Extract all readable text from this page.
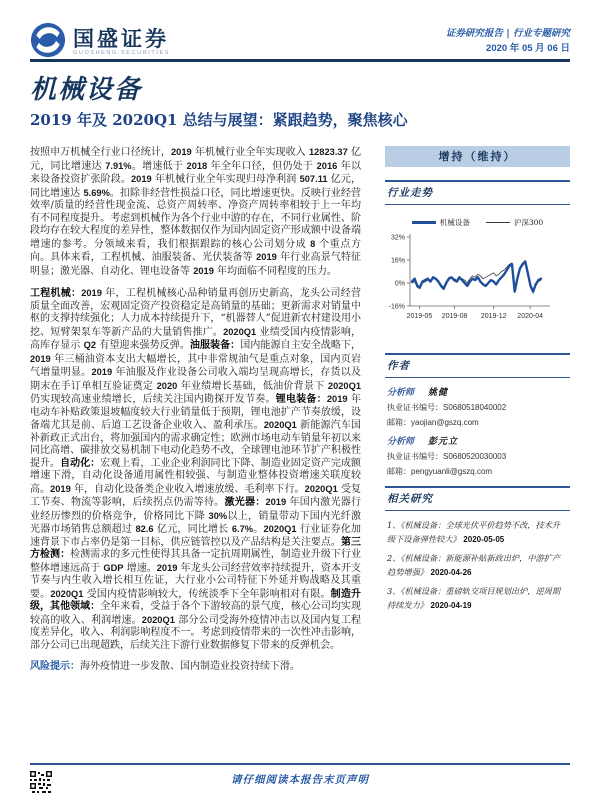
国盛证券
GUOSHENG SECURITIES
证券研究报告 | 行业专题研究
2020 年 05 月 06 日
机械设备
2019 年及 2020Q1 总结与展望：紧跟趋势，聚焦核心

按照申万机械全行业口径统计，2019 年机械行业全年实现收入 12823.37 亿元，同比增速达 7.91%。增速低于 2018 年全年口径，但仍处于 2016 年以来设备投资扩张阶段。2019 年机械行业全年实现归母净利润 507.11 亿元，同比增速达 5.69%。扣除非经营性损益口径，同比增速更快。反映行业经营效率/质量的经营性现金流、总资产周转率、净资产周转率相较于上一年均有不同程度提升。考虑到机械作为各个行业中游的存在，不同行业属性、阶段均存在较大程度的差异性，整体数据仅作为国内固定资产形成额中设备端增速的参考。分领域来看，我们根据跟踪的核心公司划分成 8 个重点方向。具体来看，工程机械、油服装备、光伏装备等 2019 年行业高景气特征明显；激光器、自动化、锂电设备等 2019 年均面临不同程度的压力。

工程机械：2019 年，工程机械核心品种销量再创历史新高，龙头公司经营质量全面改善，宏观固定资产投资稳定是高销量的基础；更新需求对销量中枢的支撑持续强化；人力成本持续提升下，“机器替人”促进新农村建设用小挖、短臂架泵车等新产品的大量销售推广。2020Q1 业绩受国内疫情影响，高库存显示 Q2 有望迎来强势反弹。油服装备：国内能源自主安全战略下，2019 年三桶油资本支出大幅增长，其中非常规油气是重点对象，国内页岩气增量明显。2019 年油服及作业设备公司收入端均呈现高增长，存货以及期末在手订单相互验证奠定 2020 年业绩增长基础，低油价背景下 2020Q1 仍实现较高速业绩增长，后续关注国内勘探开发节奏。锂电装备：2019 年电动车补贴政策退坡幅度较大行业销量低于预期，锂电池扩产节奏放缓，设备端尤其是前、后道工艺设备企业收入、盈利承压。2020Q1 新能源汽车国补新政正式出台，将加强国内的需求确定性；欧洲市场电动车销量年初以来同比高增、碳排放交易机制下电动化趋势不改，全球锂电池环节扩产积极性提升。自动化：宏观上看，工业企业利润同比下降、制造业固定资产完成额增速下滑，自动化设备通用属性相较强、与制造业整体投资增速关联度较高。2019 年，自动化设备类企业收入增速放缓、毛利率下行。2020Q1 受复工节奏、物流等影响，后续拐点仍需等待。激光器：2019 年国内激光器行业经历惨烈的价格竞争，价格同比下降 30%以上，销量带动下国内光纤激光器市场销售总额超过 82.6 亿元，同比增长 6.7%。2020Q1 行业证券化加速背景下市占率仍是第一目标，供应链管控以及产品结构是关注要点。第三方检测：检测需求的多元性使得其具备一定抗周期属性，制造业升级下行业整体增速远高于 GDP 增速。2019 年龙头公司经营效率持续提升，资本开支节奏与内生收入增长相互佐证，大行业小公司特征下外延并购战略及其重要。2020Q1 受国内疫情影响较大，传统淡季下全年影响相对有限。制造升级，其他领域：全年来看，受益于各个下游较高的景气度，核心公司均实现较高的收入、利润增速。2020Q1 部分公司受海外疫情冲击以及国内复工程度差异化，收入、利润影响程度不一。考虑到疫情带来的一次性冲击影响，部分公司已出现超跌，后续关注下游行业数据修复下带来的反弹机会。

风险提示：海外疫情进一步发散、国内制造业投资持续下滑。

增持（维持）
行业走势
机械设备	沪深300
32%
16%
0%
-16%
2019-05 2019-08 2019-12 2020-04
作者
分析师 姚健
执业证书编号：S0680518040002
邮箱：yaojian@gszq.com
分析师 彭元立
执业证书编号：S0680520030003
邮箱：pengyuanli@gszq.com
相关研究
1、《机械设备：全球光伏平价趋势不改，技术升级下设备弹性较大》 2020-05-05
2、《机械设备：新能源补贴新政出炉，中游扩产趋势增强》 2020-04-26
3、《机械设备：重磅轨交项目规划出炉，逆周期持续发力》 2020-04-19
请仔细阅读本报告末页声明
